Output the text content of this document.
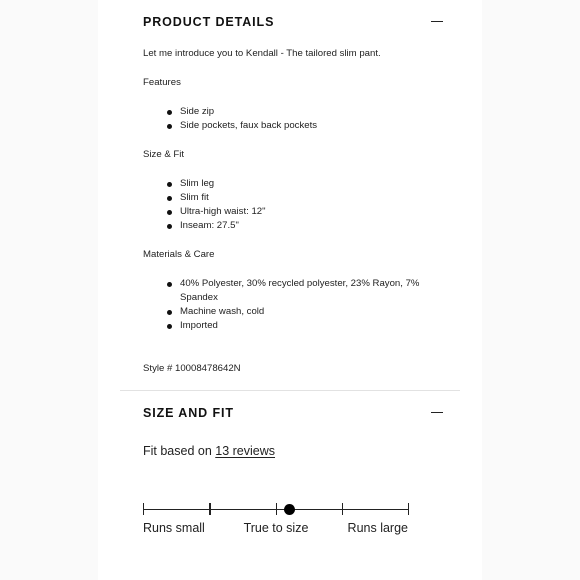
PRODUCT DETAILS

Let me introduce you to Kendall - The tailored slim pant.

Features

Side zip
Side pockets, faux back pockets

Size & Fit

Slim leg
Slim fit
Ultra-high waist: 12"
Inseam: 27.5"

Materials & Care

40% Polyester, 30% recycled polyester, 23% Rayon, 7% Spandex
Machine wash, cold
Imported

Style # 10008478642N

SIZE AND FIT
Fit based on 13 reviews
Runs small	True to size	Runs large
